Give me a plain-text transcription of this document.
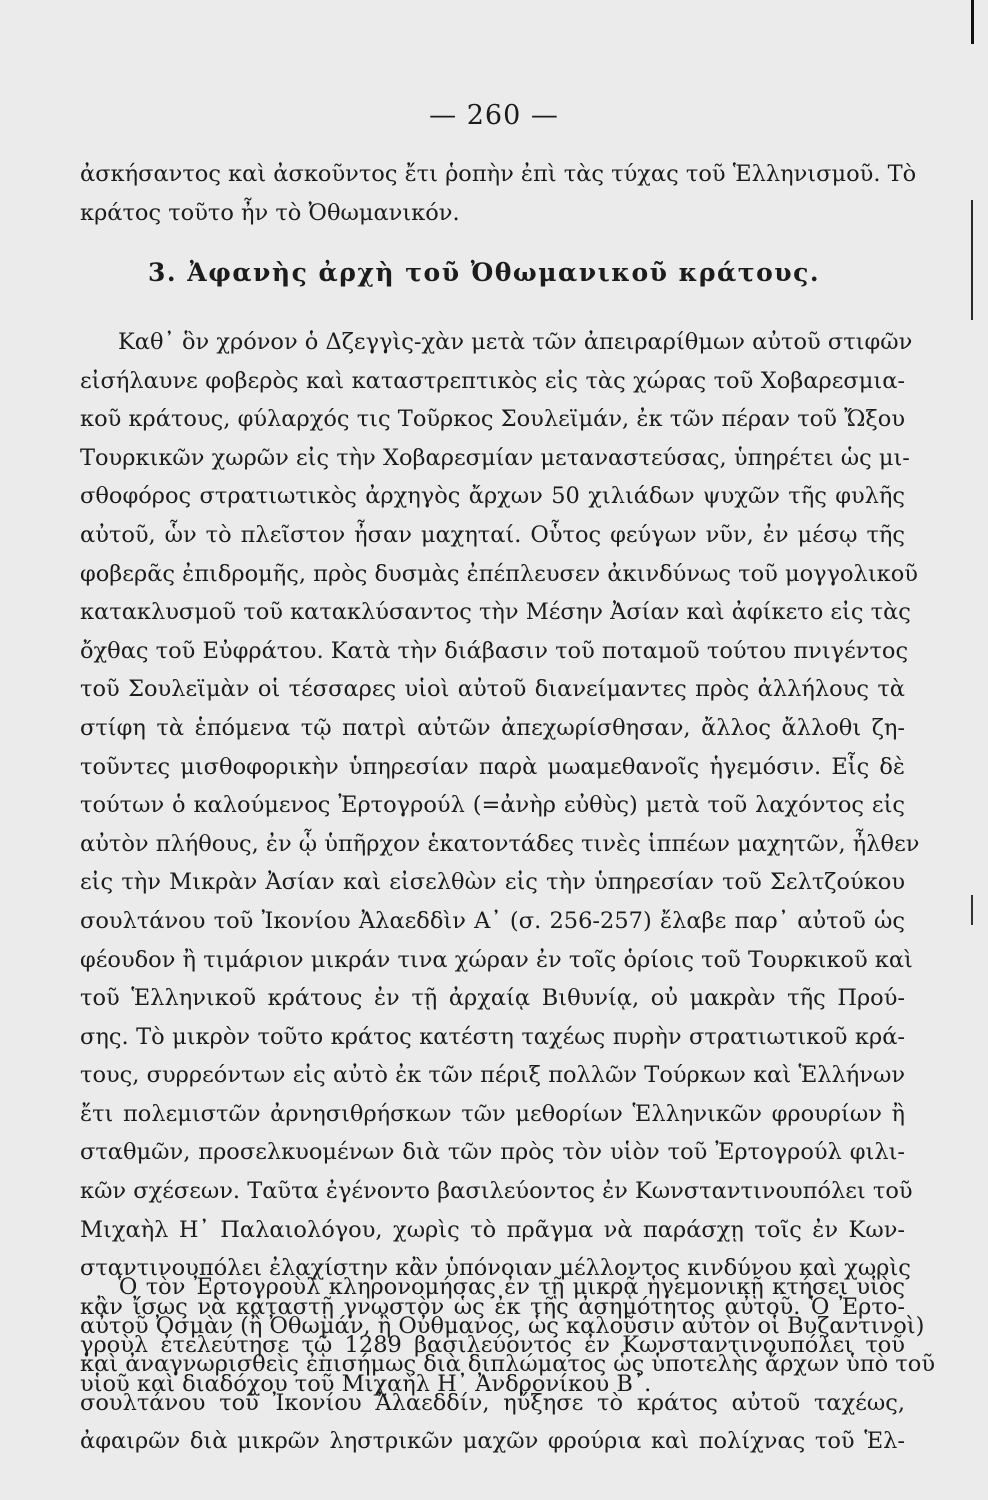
— 260 —
ἀσκήσαντος καὶ ἀσκοῦντος ἔτι ῥοπὴν ἐπὶ τὰς τύχας τοῦ Ἑλληνισμοῦ. Τὸ
κράτος τοῦτο ἦν τὸ Ὀθωμανικόν.
3. Ἀφανὴς ἀρχὴ τοῦ Ὀθωμανικοῦ κράτους.
Καθ᾽ ὃν χρόνον ὁ Δζεγγὶς-χὰν μετὰ τῶν ἀπειραρίθμων αὐτοῦ στιφῶν
εἰσήλαυνε φοβερὸς καὶ καταστρεπτικὸς εἰς τὰς χώρας τοῦ Χοβαρεσμια-
κοῦ κράτους, φύλαρχός τις Τοῦρκος Σουλεϊμάν, ἐκ τῶν πέραν τοῦ Ὤξου
Τουρκικῶν χωρῶν εἰς τὴν Χοβαρεσμίαν μεταναστεύσας, ὑπηρέτει ὡς μι-
σθοφόρος στρατιωτικὸς ἀρχηγὸς ἄρχων 50 χιλιάδων ψυχῶν τῆς φυλῆς
αὐτοῦ, ὧν τὸ πλεῖστον ἦσαν μαχηταί. Οὗτος φεύγων νῦν, ἐν μέσῳ τῆς
φοβερᾶς ἐπιδρομῆς, πρὸς δυσμὰς ἐπέπλευσεν ἀκινδύνως τοῦ μογγολικοῦ
κατακλυσμοῦ τοῦ κατακλύσαντος τὴν Μέσην Ἀσίαν καὶ ἀφίκετο εἰς τὰς
ὄχθας τοῦ Εὐφράτου. Κατὰ τὴν διάβασιν τοῦ ποταμοῦ τούτου πνιγέντος
τοῦ Σουλεϊμὰν οἱ τέσσαρες υἱοὶ αὐτοῦ διανείμαντες πρὸς ἀλλήλους τὰ
στίφη τὰ ἑπόμενα τῷ πατρὶ αὐτῶν ἀπεχωρίσθησαν, ἄλλος ἄλλοθι ζη-
τοῦντες μισθοφορικὴν ὑπηρεσίαν παρὰ μωαμεθανοῖς ἡγεμόσιν. Εἷς δὲ
τούτων ὁ καλούμενος Ἐρτογρούλ (=ἀνὴρ εὐθὺς) μετὰ τοῦ λαχόντος εἰς
αὐτὸν πλήθους, ἐν ᾧ ὑπῆρχον ἑκατοντάδες τινὲς ἱππέων μαχητῶν, ἦλθεν
εἰς τὴν Μικρὰν Ἀσίαν καὶ εἰσελθὼν εἰς τὴν ὑπηρεσίαν τοῦ Σελτζούκου
σουλτάνου τοῦ Ἰκονίου Ἀλαεδδὶν Α᾽ (σ. 256-257) ἔλαβε παρ᾽ αὐτοῦ ὡς
φέουδον ἢ τιμάριον μικράν τινα χώραν ἐν τοῖς ὁρίοις τοῦ Τουρκικοῦ καὶ
τοῦ Ἑλληνικοῦ κράτους ἐν τῇ ἀρχαίᾳ Βιθυνίᾳ, οὐ μακρὰν τῆς Πρού-
σης. Τὸ μικρὸν τοῦτο κράτος κατέστη ταχέως πυρὴν στρατιωτικοῦ κρά-
τους, συρρεόντων εἰς αὐτὸ ἐκ τῶν πέριξ πολλῶν Τούρκων καὶ Ἑλλήνων
ἔτι πολεμιστῶν ἀρνησιθρήσκων τῶν μεθορίων Ἑλληνικῶν φρουρίων ἢ
σταθμῶν, προσελκυομένων διὰ τῶν πρὸς τὸν υἱὸν τοῦ Ἐρτογρούλ φιλι-
κῶν σχέσεων. Ταῦτα ἐγένοντο βασιλεύοντος ἐν Κωνσταντινουπόλει τοῦ
Μιχαὴλ Η᾽ Παλαιολόγου, χωρὶς τὸ πρᾶγμα νὰ παράσχῃ τοῖς ἐν Κων-
σταντινουπόλει ἐλαχίστην κἂν ὑπόνοιαν μέλλοντος κινδύνου καὶ χωρὶς
κἂν ἴσως νὰ καταστῇ γνωστὸν ὡς ἐκ τῆς ἀσημότητος αὐτοῦ. Ὁ Ἐρτο-
γροὺλ ἐτελεύτησε τῷ 1289 βασιλεύοντος ἐν Κωνσταντινουπόλει τοῦ
υἱοῦ καὶ διαδόχου τοῦ Μιχαὴλ Η᾽ Ἀνδρονίκου Β᾽.
Ὁ τὸν Ἐρτογροὺλ κληρονομήσας ἐν τῇ μικρᾷ ἡγεμονικῇ κτήσει υἱὸς
αὐτοῦ Ὀσμὰν (ἢ Ὀθωμάν, ἢ Οὐθμανος, ὡς καλοῦσιν αὐτὸν οἱ Βυζαντινοὶ)
καὶ ἀναγνωρισθεὶς ἐπισήμως διὰ διπλώματος ὡς ὑποτελὴς ἄρχων ὑπὸ τοῦ
σουλτάνου τοῦ Ἰκονίου Ἀλαεδδίν, ηὔξησε τὸ κράτος αὐτοῦ ταχέως,
ἀφαιρῶν διὰ μικρῶν ληστρικῶν μαχῶν φρούρια καὶ πολίχνας τοῦ Ἑλ-
